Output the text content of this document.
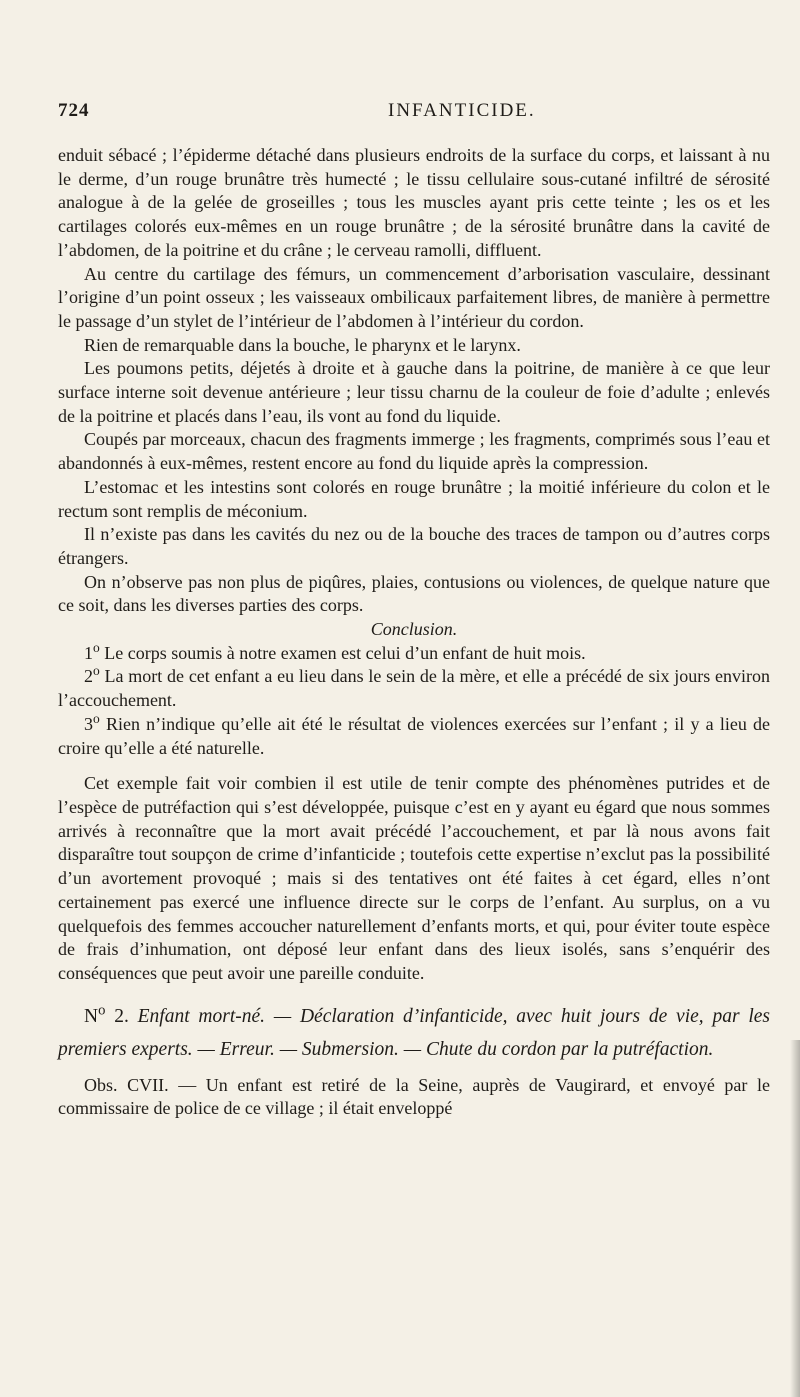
724	INFANTICIDE.

enduit sébacé ; l’épiderme détaché dans plusieurs endroits de la surface du corps, et laissant à nu le derme, d’un rouge brunâtre très humecté ; le tissu cellulaire sous-cutané infiltré de sérosité analogue à de la gelée de groseilles ; tous les muscles ayant pris cette teinte ; les os et les cartilages colorés eux-mêmes en un rouge brunâtre ; de la sérosité brunâtre dans la cavité de l’abdomen, de la poitrine et du crâne ; le cerveau ramolli, diffluent.

Au centre du cartilage des fémurs, un commencement d’arborisation vasculaire, dessinant l’origine d’un point osseux ; les vaisseaux ombilicaux parfaitement libres, de manière à permettre le passage d’un stylet de l’intérieur de l’abdomen à l’intérieur du cordon.

Rien de remarquable dans la bouche, le pharynx et le larynx.

Les poumons petits, déjetés à droite et à gauche dans la poitrine, de manière à ce que leur surface interne soit devenue antérieure ; leur tissu charnu de la couleur de foie d’adulte ; enlevés de la poitrine et placés dans l’eau, ils vont au fond du liquide.

Coupés par morceaux, chacun des fragments immerge ; les fragments, comprimés sous l’eau et abandonnés à eux-mêmes, restent encore au fond du liquide après la compression.

L’estomac et les intestins sont colorés en rouge brunâtre ; la moitié inférieure du colon et le rectum sont remplis de méconium.

Il n’existe pas dans les cavités du nez ou de la bouche des traces de tampon ou d’autres corps étrangers.

On n’observe pas non plus de piqûres, plaies, contusions ou violences, de quelque nature que ce soit, dans les diverses parties des corps.

Conclusion.

1$^o$ Le corps soumis à notre examen est celui d’un enfant de huit mois.

2$^o$ La mort de cet enfant a eu lieu dans le sein de la mère, et elle a précédé de six jours environ l’accouchement.

3$^o$ Rien n’indique qu’elle ait été le résultat de violences exercées sur l’enfant ; il y a lieu de croire qu’elle a été naturelle.

Cet exemple fait voir combien il est utile de tenir compte des phénomènes putrides et de l’espèce de putréfaction qui s’est développée, puisque c’est en y ayant eu égard que nous sommes arrivés à reconnaître que la mort avait précédé l’accouchement, et par là nous avons fait disparaître tout soupçon de crime d’infanticide ; toutefois cette expertise n’exclut pas la possibilité d’un avortement provoqué ; mais si des tentatives ont été faites à cet égard, elles n’ont certainement pas exercé une influence directe sur le corps de l’enfant. Au surplus, on a vu quelquefois des femmes accoucher naturellement d’enfants morts, et qui, pour éviter toute espèce de frais d’inhumation, ont déposé leur enfant dans des lieux isolés, sans s’enquérir des conséquences que peut avoir une pareille conduite.

$N^o$ 2. Enfant mort-né. — Déclaration d’infanticide, avec huit jours de vie, par les premiers experts. — Erreur. — Submersion. — Chute du cordon par la putréfaction.

Obs. CVII. — Un enfant est retiré de la Seine, auprès de Vaugirard, et envoyé par le commissaire de police de ce village ; il était enveloppé
